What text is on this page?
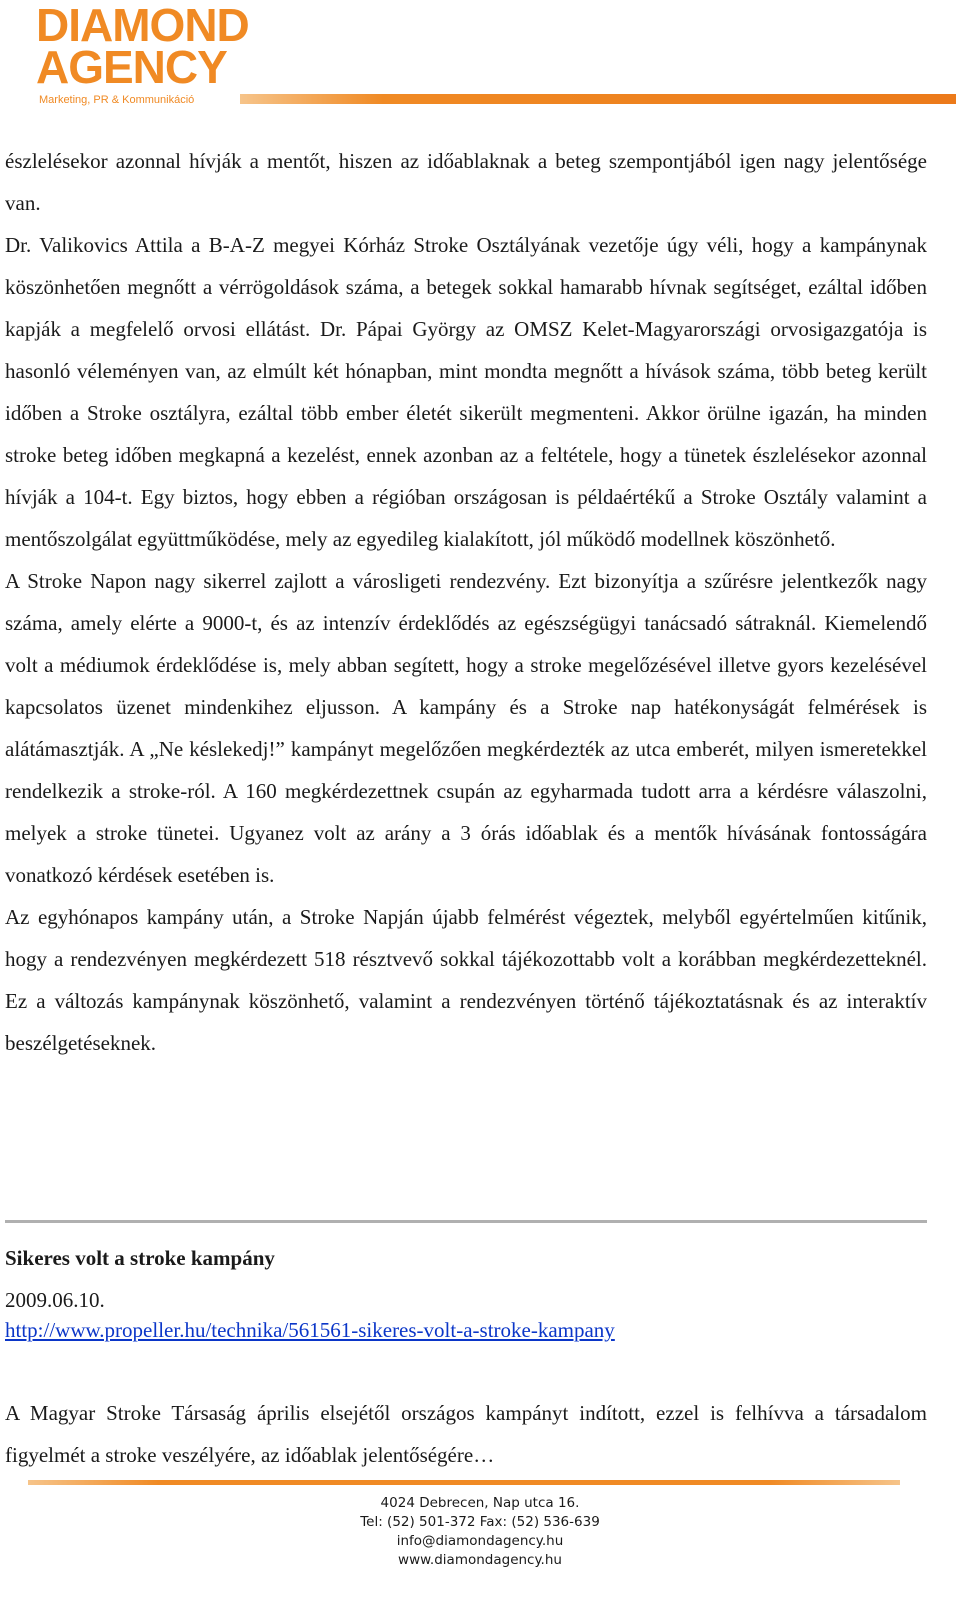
DIAMOND
AGENCY
Marketing, PR & Kommunikáció

észlelésekor azonnal hívják a mentőt, hiszen az időablaknak a beteg szempontjából igen nagy jelentősége van.

Dr. Valikovics Attila a B-A-Z megyei Kórház Stroke Osztályának vezetője úgy véli, hogy a kampánynak köszönhetően megnőtt a vérrögoldások száma, a betegek sokkal hamarabb hívnak segítséget, ezáltal időben kapják a megfelelő orvosi ellátást. Dr. Pápai György az OMSZ Kelet-Magyarországi orvosigazgatója is hasonló véleményen van, az elmúlt két hónapban, mint mondta megnőtt a hívások száma, több beteg került időben a Stroke osztályra, ezáltal több ember életét sikerült megmenteni. Akkor örülne igazán, ha minden stroke beteg időben megkapná a kezelést, ennek azonban az a feltétele, hogy a tünetek észlelésekor azonnal hívják a 104-t. Egy biztos, hogy ebben a régióban országosan is példaértékű a Stroke Osztály valamint a mentőszolgálat együttműködése, mely az egyedileg kialakított, jól működő modellnek köszönhető.

A Stroke Napon nagy sikerrel zajlott a városligeti rendezvény. Ezt bizonyítja a szűrésre jelentkezők nagy száma, amely elérte a 9000-t, és az intenzív érdeklődés az egészségügyi tanácsadó sátraknál. Kiemelendő volt a médiumok érdeklődése is, mely abban segített, hogy a stroke megelőzésével illetve gyors kezelésével kapcsolatos üzenet mindenkihez eljusson. A kampány és a Stroke nap hatékonyságát felmérések is alátámasztják. A „Ne késlekedj!” kampányt megelőzően megkérdezték az utca emberét, milyen ismeretekkel rendelkezik a stroke-ról. A 160 megkérdezettnek csupán az egyharmada tudott arra a kérdésre válaszolni, melyek a stroke tünetei. Ugyanez volt az arány a 3 órás időablak és a mentők hívásának fontosságára vonatkozó kérdések esetében is.

Az egyhónapos kampány után, a Stroke Napján újabb felmérést végeztek, melyből egyértelműen kitűnik, hogy a rendezvényen megkérdezett 518 résztvevő sokkal tájékozottabb volt a korábban megkérdezetteknél. Ez a változás kampánynak köszönhető, valamint a rendezvényen történő tájékoztatásnak és az interaktív beszélgetéseknek.

Sikeres volt a stroke kampány
2009.06.10.
http://www.propeller.hu/technika/561561-sikeres-volt-a-stroke-kampany

A Magyar Stroke Társaság április elsejétől országos kampányt indított, ezzel is felhívva a társadalom figyelmét a stroke veszélyére, az időablak jelentőségére…

4024 Debrecen, Nap utca 16.
Tel: (52) 501-372 Fax: (52) 536-639
info@diamondagency.hu
www.diamondagency.hu
